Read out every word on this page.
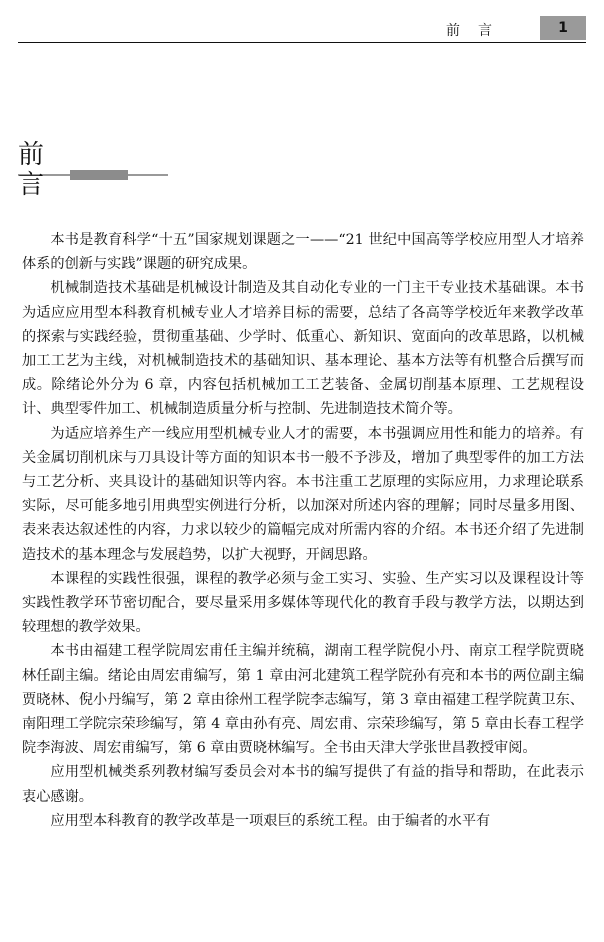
前言	1
前言

本书是教育科学“十五”国家规划课题之一——“21 世纪中国高等学校应用型人才培养体系的创新与实践”课题的研究成果。

机械制造技术基础是机械设计制造及其自动化专业的一门主干专业技术基础课。本书为适应应用型本科教育机械专业人才培养目标的需要，总结了各高等学校近年来教学改革的探索与实践经验，贯彻重基础、少学时、低重心、新知识、宽面向的改革思路，以机械加工工艺为主线，对机械制造技术的基础知识、基本理论、基本方法等有机整合后撰写而成。除绪论外分为 6 章，内容包括机械加工工艺装备、金属切削基本原理、工艺规程设计、典型零件加工、机械制造质量分析与控制、先进制造技术简介等。

为适应培养生产一线应用型机械专业人才的需要，本书强调应用性和能力的培养。有关金属切削机床与刀具设计等方面的知识本书一般不予涉及，增加了典型零件的加工方法与工艺分析、夹具设计的基础知识等内容。本书注重工艺原理的实际应用，力求理论联系实际，尽可能多地引用典型实例进行分析，以加深对所述内容的理解；同时尽量多用图、表来表达叙述性的内容，力求以较少的篇幅完成对所需内容的介绍。本书还介绍了先进制造技术的基本理念与发展趋势，以扩大视野，开阔思路。

本课程的实践性很强，课程的教学必须与金工实习、实验、生产实习以及课程设计等实践性教学环节密切配合，要尽量采用多媒体等现代化的教育手段与教学方法，以期达到较理想的教学效果。

本书由福建工程学院周宏甫任主编并统稿，湖南工程学院倪小丹、南京工程学院贾晓林任副主编。绪论由周宏甫编写，第 1 章由河北建筑工程学院孙有亮和本书的两位副主编贾晓林、倪小丹编写，第 2 章由徐州工程学院李志编写，第 3 章由福建工程学院黄卫东、南阳理工学院宗荣珍编写，第 4 章由孙有亮、周宏甫、宗荣珍编写，第 5 章由长春工程学院李海波、周宏甫编写，第 6 章由贾晓林编写。全书由天津大学张世昌教授审阅。

应用型机械类系列教材编写委员会对本书的编写提供了有益的指导和帮助，在此表示衷心感谢。

应用型本科教育的教学改革是一项艰巨的系统工程。由于编者的水平有
